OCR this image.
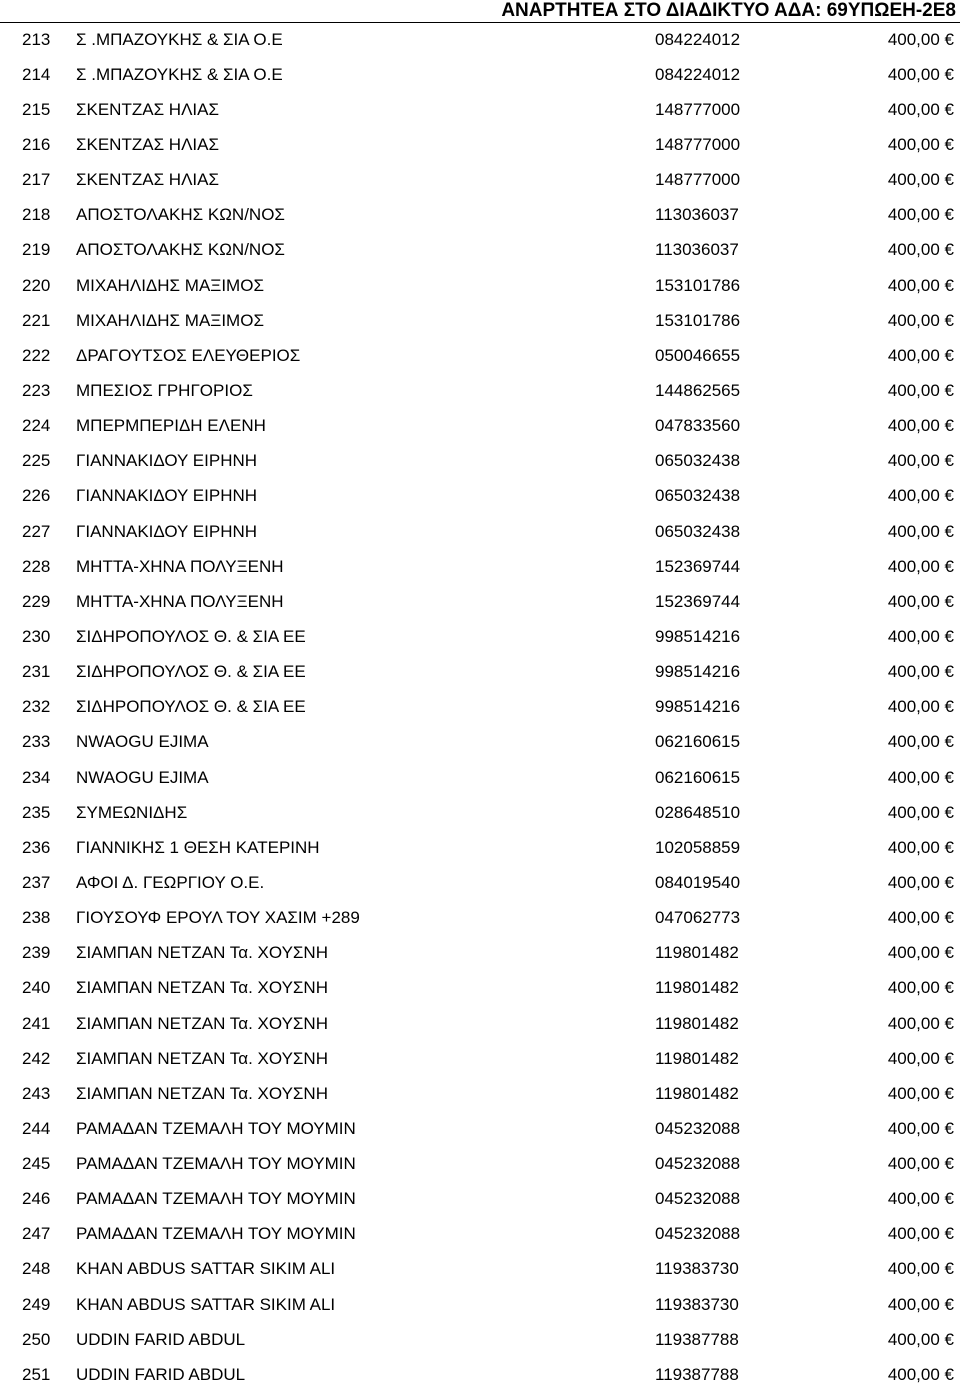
ΑΝΑΡΤΗΤΕΑ ΣΤΟ ΔΙΑΔΙΚΤΥΟ ΑΔΑ: 69ΥΠΩΕΗ-2Ε8
213 Σ .ΜΠΑΖΟΥΚΗΣ & ΣΙΑ Ο.Ε	084224012	400,00 €
214 Σ .ΜΠΑΖΟΥΚΗΣ & ΣΙΑ Ο.Ε	084224012	400,00 €
215 ΣΚΕΝΤΖΑΣ ΗΛΙΑΣ	148777000	400,00 €
216 ΣΚΕΝΤΖΑΣ ΗΛΙΑΣ	148777000	400,00 €
217 ΣΚΕΝΤΖΑΣ ΗΛΙΑΣ	148777000	400,00 €
218 ΑΠΟΣΤΟΛΑΚΗΣ ΚΩΝ/ΝΟΣ	113036037	400,00 €
219 ΑΠΟΣΤΟΛΑΚΗΣ ΚΩΝ/ΝΟΣ	113036037	400,00 €
220 ΜΙΧΑΗΛΙΔΗΣ ΜΑΞΙΜΟΣ	153101786	400,00 €
221 ΜΙΧΑΗΛΙΔΗΣ ΜΑΞΙΜΟΣ	153101786	400,00 €
222 ΔΡΑΓΟΥΤΣΟΣ ΕΛΕΥΘΕΡΙΟΣ	050046655	400,00 €
223 ΜΠΕΣΙΟΣ ΓΡΗΓΟΡΙΟΣ	144862565	400,00 €
224 ΜΠΕΡΜΠΕΡΙΔΗ ΕΛΕΝΗ	047833560	400,00 €
225 ΓΙΑΝΝΑΚΙΔΟΥ ΕΙΡΗΝΗ	065032438	400,00 €
226 ΓΙΑΝΝΑΚΙΔΟΥ ΕΙΡΗΝΗ	065032438	400,00 €
227 ΓΙΑΝΝΑΚΙΔΟΥ ΕΙΡΗΝΗ	065032438	400,00 €
228 ΜΗΤΤΑ-ΧΗΝΑ ΠΟΛΥΞΕΝΗ	152369744	400,00 €
229 ΜΗΤΤΑ-ΧΗΝΑ ΠΟΛΥΞΕΝΗ	152369744	400,00 €
230 ΣΙΔΗΡΟΠΟΥΛΟΣ Θ. & ΣΙΑ ΕΕ	998514216	400,00 €
231 ΣΙΔΗΡΟΠΟΥΛΟΣ Θ. & ΣΙΑ ΕΕ	998514216	400,00 €
232 ΣΙΔΗΡΟΠΟΥΛΟΣ Θ. & ΣΙΑ ΕΕ	998514216	400,00 €
233 NWAOGU EJIMA	062160615	400,00 €
234 NWAOGU EJIMA	062160615	400,00 €
235 ΣΥΜΕΩΝΙΔΗΣ	028648510	400,00 €
236 ΓΙΑΝΝΙΚΗΣ 1 ΘΕΣΗ ΚΑΤΕΡΙΝΗ	102058859	400,00 €
237 ΑΦΟΙ Δ. ΓΕΩΡΓΙΟΥ Ο.Ε.	084019540	400,00 €
238 ΓΙΟΥΣΟΥΦ ΕΡΟΥΛ ΤΟΥ ΧΑΣΙΜ +289	047062773	400,00 €
239 ΣΙΑΜΠΑΝ ΝΕΤΖΑΝ Τα. ΧΟΥΣΝΗ	119801482	400,00 €
240 ΣΙΑΜΠΑΝ ΝΕΤΖΑΝ Τα. ΧΟΥΣΝΗ	119801482	400,00 €
241 ΣΙΑΜΠΑΝ ΝΕΤΖΑΝ Τα. ΧΟΥΣΝΗ	119801482	400,00 €
242 ΣΙΑΜΠΑΝ ΝΕΤΖΑΝ Τα. ΧΟΥΣΝΗ	119801482	400,00 €
243 ΣΙΑΜΠΑΝ ΝΕΤΖΑΝ Τα. ΧΟΥΣΝΗ	119801482	400,00 €
244 ΡΑΜΑΔΑΝ ΤΖΕΜΑΛΗ ΤΟΥ ΜΟΥΜΙΝ	045232088	400,00 €
245 ΡΑΜΑΔΑΝ ΤΖΕΜΑΛΗ ΤΟΥ ΜΟΥΜΙΝ	045232088	400,00 €
246 ΡΑΜΑΔΑΝ ΤΖΕΜΑΛΗ ΤΟΥ ΜΟΥΜΙΝ	045232088	400,00 €
247 ΡΑΜΑΔΑΝ ΤΖΕΜΑΛΗ ΤΟΥ ΜΟΥΜΙΝ	045232088	400,00 €
248 KHAN ABDUS SATTAR SIKIM ALI	119383730	400,00 €
249 KHAN ABDUS SATTAR SIKIM ALI	119383730	400,00 €
250 UDDIN FARID ABDUL	119387788	400,00 €
251 UDDIN FARID ABDUL	119387788	400,00 €
